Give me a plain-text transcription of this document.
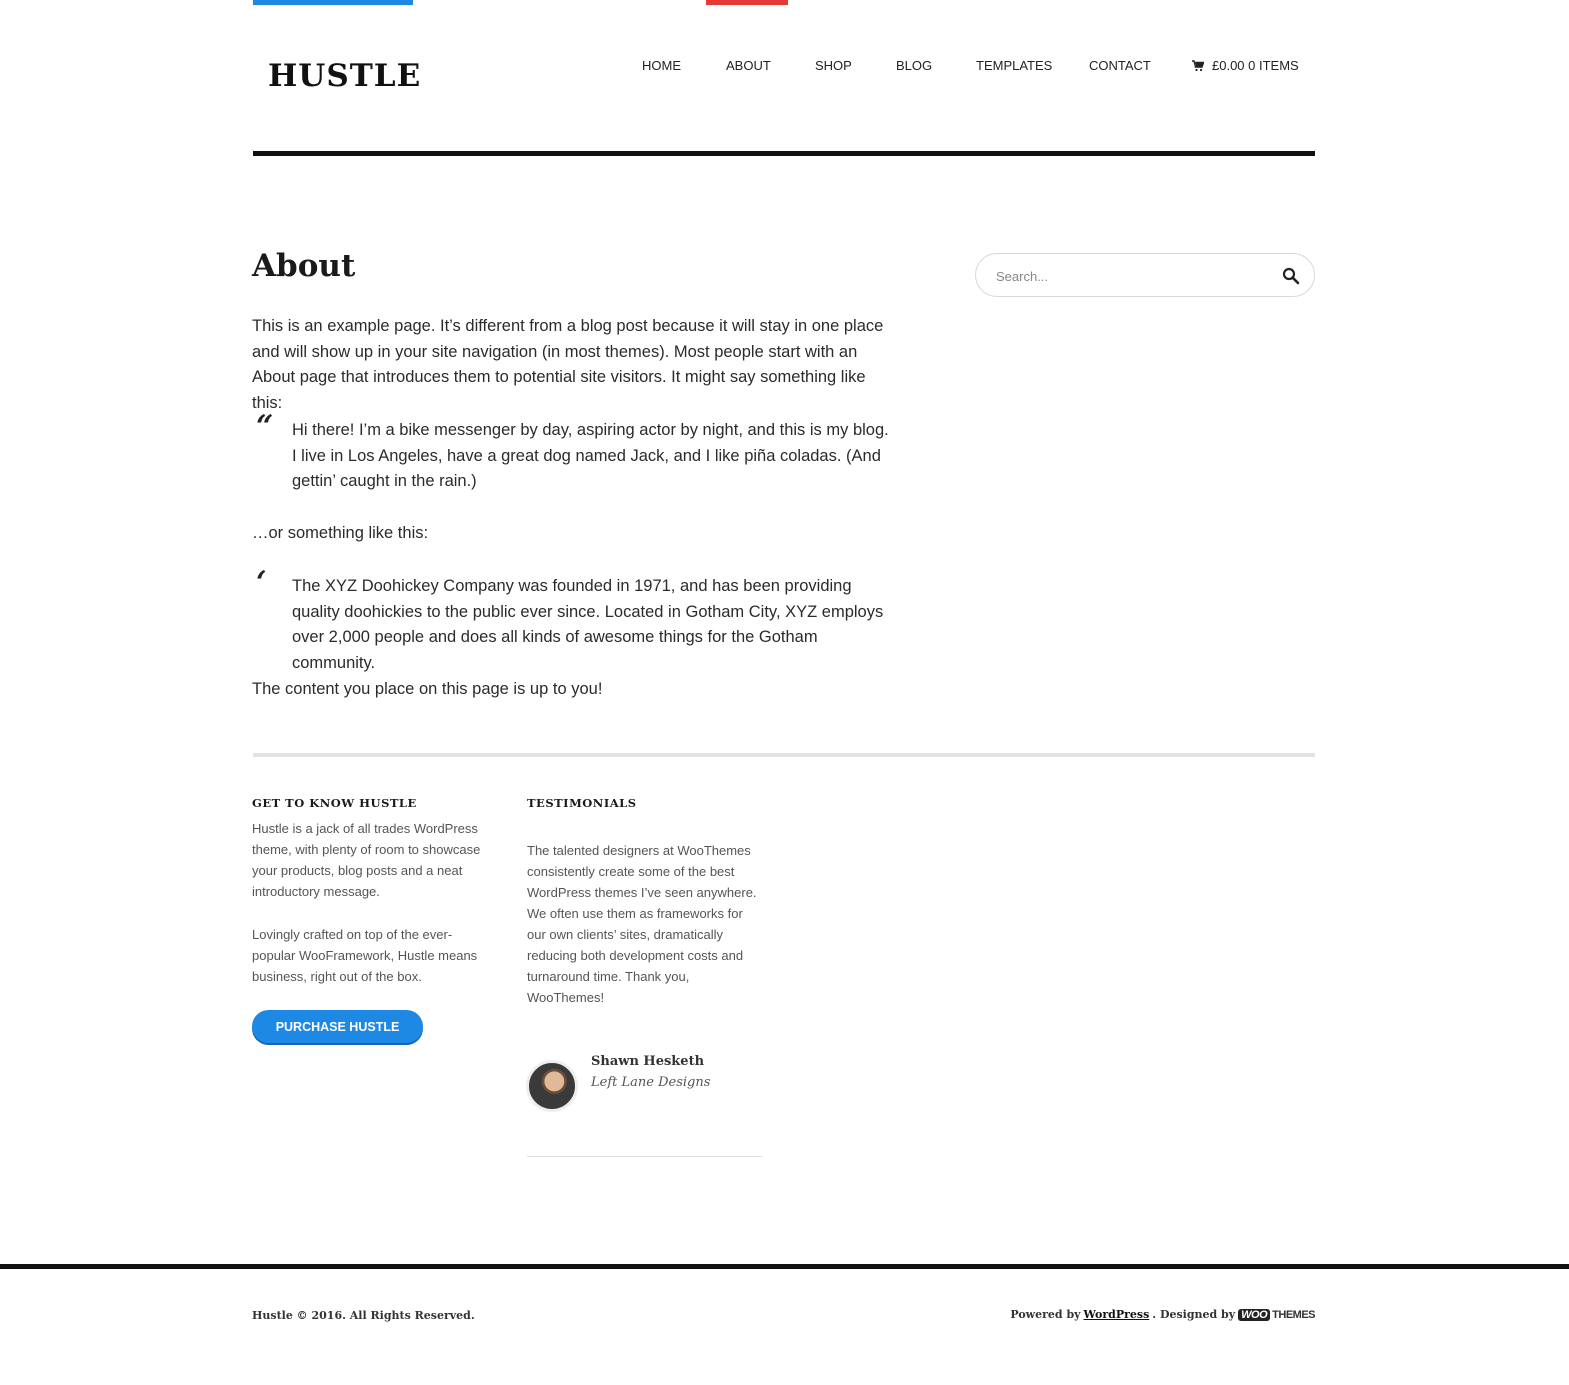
HUSTLE	HOME	ABOUT	SHOP	BLOG	TEMPLATES	CONTACT	£0.00 0 ITEMS
About

This is an example page. It’s different from a blog post because it will stay in one place and will show up in your site navigation (in most themes). Most people start with an About page that introduces them to potential site visitors. It might say something like this:

“ Hi there! I’m a bike messenger by day, aspiring actor by night, and this is my blog. I live in Los Angeles, have a great dog named Jack, and I like piña coladas. (And gettin’ caught in the rain.)

…or something like this:

‘ The XYZ Doohickey Company was founded in 1971, and has been providing quality doohickies to the public ever since. Located in Gotham City, XYZ employs over 2,000 people and does all kinds of awesome things for the Gotham community.

The content you place on this page is up to you!

Search...
GET TO KNOW HUSTLE

Hustle is a jack of all trades WordPress theme, with plenty of room to showcase your products, blog posts and a neat introductory message.

Lovingly crafted on top of the ever-popular WooFramework, Hustle means business, right out of the box.

PURCHASE HUSTLE
TESTIMONIALS

The talented designers at WooThemes consistently create some of the best WordPress themes I’ve seen anywhere. We often use them as frameworks for our own clients’ sites, dramatically reducing both development costs and turnaround time. Thank you, WooThemes!

Shawn Hesketh
Left Lane Designs
Hustle © 2016. All Rights Reserved.	Powered by WordPress . Designed by WOO THEMES
